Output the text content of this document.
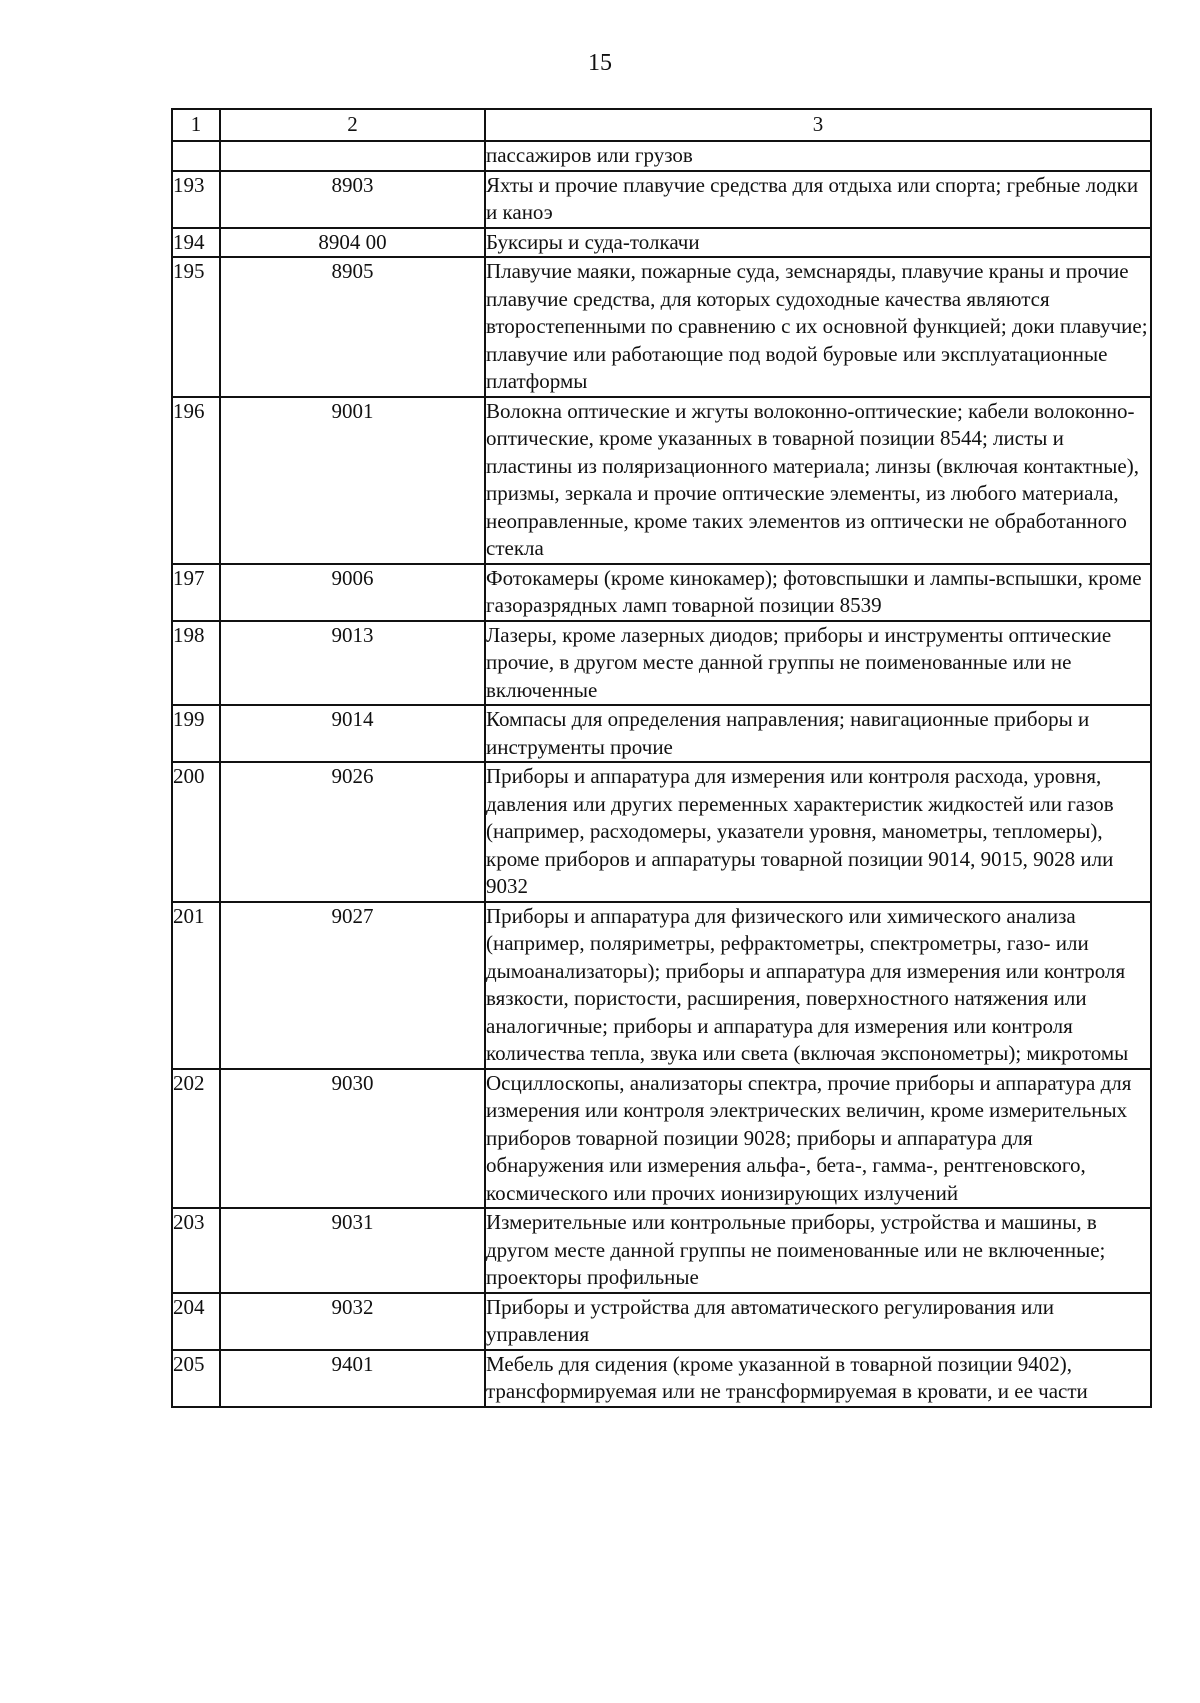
15
1	2	3
		пассажиров или грузов
193	8903	Яхты и прочие плавучие средства для отдыха или спорта; гребные лодки и каноэ
194	8904 00	Буксиры и суда-толкачи
195	8905	Плавучие маяки, пожарные суда, земснаряды, плавучие краны и прочие плавучие средства, для которых судоходные качества являются второстепенными по сравнению с их основной функцией; доки плавучие; плавучие или работающие под водой буровые или эксплуатационные платформы
196	9001	Волокна оптические и жгуты волоконно-оптические; кабели волоконно-оптические, кроме указанных в товарной позиции 8544; листы и пластины из поляризационного материала; линзы (включая контактные), призмы, зеркала и прочие оптические элементы, из любого материала, неоправленные, кроме таких элементов из оптически не обработанного стекла
197	9006	Фотокамеры (кроме кинокамер); фотовспышки и лампы-вспышки, кроме газоразрядных ламп товарной позиции 8539
198	9013	Лазеры, кроме лазерных диодов; приборы и инструменты оптические прочие, в другом месте данной группы не поименованные или не включенные
199	9014	Компасы для определения направления; навигационные приборы и инструменты прочие
200	9026	Приборы и аппаратура для измерения или контроля расхода, уровня, давления или других переменных характеристик жидкостей или газов (например, расходомеры, указатели уровня, манометры, тепломеры), кроме приборов и аппаратуры товарной позиции 9014, 9015, 9028 или 9032
201	9027	Приборы и аппаратура для физического или химического анализа (например, поляриметры, рефрактометры, спектрометры, газо- или дымоанализаторы); приборы и аппаратура для измерения или контроля вязкости, пористости, расширения, поверхностного натяжения или аналогичные; приборы и аппаратура для измерения или контроля количества тепла, звука или света (включая экспонометры); микротомы
202	9030	Осциллоскопы, анализаторы спектра, прочие приборы и аппаратура для измерения или контроля электрических величин, кроме измерительных приборов товарной позиции 9028; приборы и аппаратура для обнаружения или измерения альфа-, бета-, гамма-, рентгеновского, космического или прочих ионизирующих излучений
203	9031	Измерительные или контрольные приборы, устройства и машины, в другом месте данной группы не поименованные или не включенные; проекторы профильные
204	9032	Приборы и устройства для автоматического регулирования или управления
205	9401	Мебель для сидения (кроме указанной в товарной позиции 9402), трансформируемая или не трансформируемая в кровати, и ее части
